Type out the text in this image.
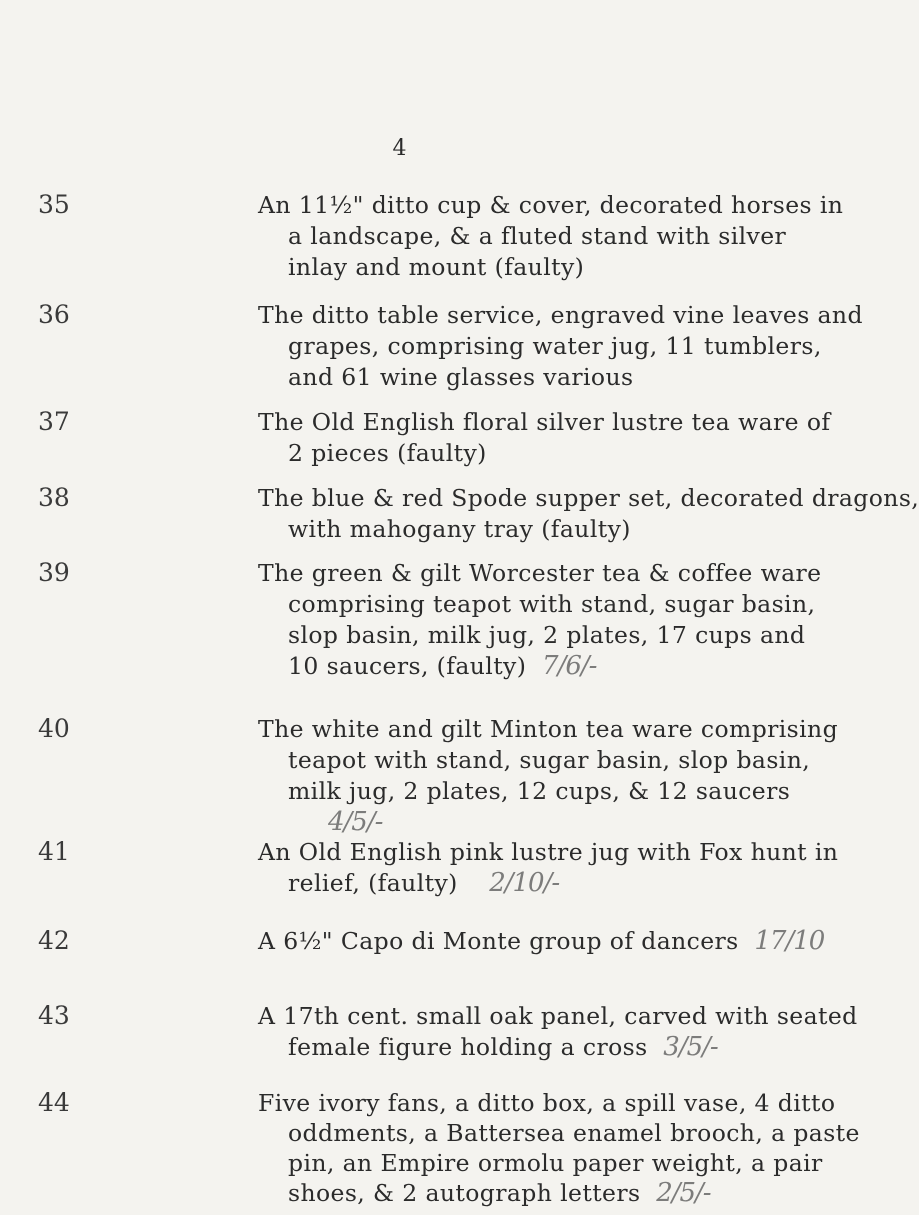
4
35	An 11½" ditto cup & cover, decorated horses in
a landscape, & a fluted stand with silver
inlay and mount (faulty)
36	The ditto table service, engraved vine leaves and
grapes, comprising water jug, 11 tumblers,
and 61 wine glasses various
37	The Old English floral silver lustre tea ware of
2 pieces (faulty)
38	The blue & red Spode supper set, decorated dragons,
with mahogany tray (faulty)
39	The green & gilt Worcester tea & coffee ware
comprising teapot with stand, sugar basin,
slop basin, milk jug, 2 plates, 17 cups and
10 saucers, (faulty) 7/6/-
40	The white and gilt Minton tea ware comprising
teapot with stand, sugar basin, slop basin,
milk jug, 2 plates, 12 cups, & 12 saucers
4/5/-
41	An Old English pink lustre jug with Fox hunt in
relief, (faulty) 2/10/-
42	A 6½" Capo di Monte group of dancers 17/10
43	A 17th cent. small oak panel, carved with seated
female figure holding a cross 3/5/-
44	Five ivory fans, a ditto box, a spill vase, 4 ditto
oddments, a Battersea enamel brooch, a paste
pin, an Empire ormolu paper weight, a pair
shoes, & 2 autograph letters 2/5/-
